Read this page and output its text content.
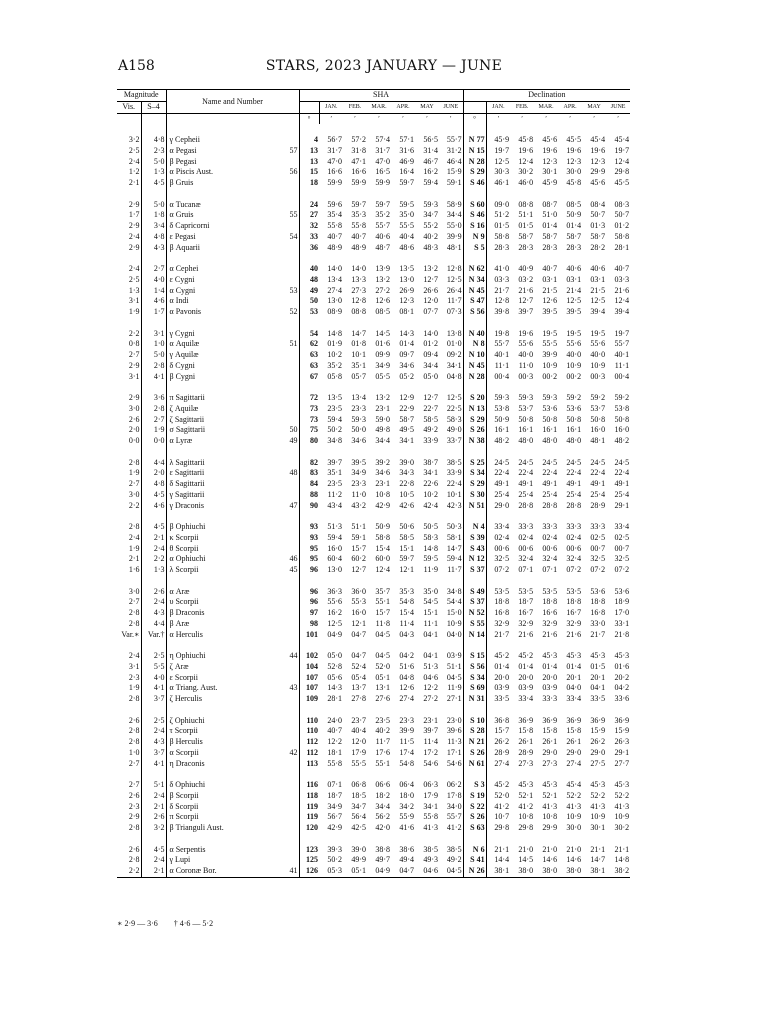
A158	STARS, 2023 JANUARY — JUNE
Magnitude		Name and Number		SHA							Declination						
Vis.	S–4				JAN.	FEB.	MAR.	APR.	MAY	JUNE		JAN.	FEB.	MAR.	APR.	MAY	JUNE
				°	′	′	′	′	′	′	°	′	′	′	′	′	′

3·2	4·8	γ Cepheii		4	56·7	57·2	57·4	57·1	56·5	55·7	N 77	45·9	45·8	45·6	45·5	45·4	45·4
2·5	2·3	α Pegasi	57	13	31·7	31·8	31·7	31·6	31·4	31·2	N 15	19·7	19·6	19·6	19·6	19·6	19·7
2·4	5·0	β Pegasi		13	47·0	47·1	47·0	46·9	46·7	46·4	N 28	12·5	12·4	12·3	12·3	12·3	12·4
1·2	1·3	α Piscis Aust.	56	15	16·6	16·6	16·5	16·4	16·2	15·9	S 29	30·3	30·2	30·1	30·0	29·9	29·8
2·1	4·5	β Gruis		18	59·9	59·9	59·9	59·7	59·4	59·1	S 46	46·1	46·0	45·9	45·8	45·6	45·5

2·9	5·0	α Tucanæ		24	59·6	59·7	59·7	59·5	59·3	58·9	S 60	09·0	08·8	08·7	08·5	08·4	08·3
1·7	1·8	α Gruis	55	27	35·4	35·3	35·2	35·0	34·7	34·4	S 46	51·2	51·1	51·0	50·9	50·7	50·7
2·9	3·4	δ Capricorni		32	55·8	55·8	55·7	55·5	55·2	55·0	S 16	01·5	01·5	01·4	01·4	01·3	01·2
2·4	4·8	ε Pegasi	54	33	40·7	40·7	40·6	40·4	40·2	39·9	N 9	58·8	58·7	58·7	58·7	58·7	58·8
2·9	4·3	β Aquarii		36	48·9	48·9	48·7	48·6	48·3	48·1	S 5	28·3	28·3	28·3	28·3	28·2	28·1

2·4	2·7	α Cephei		40	14·0	14·0	13·9	13·5	13·2	12·8	N 62	41·0	40·9	40·7	40·6	40·6	40·7
2·5	4·0	ε Cygni		48	13·4	13·3	13·2	13·0	12·7	12·5	N 34	03·3	03·2	03·1	03·1	03·1	03·3
1·3	1·4	α Cygni	53	49	27·4	27·3	27·2	26·9	26·6	26·4	N 45	21·7	21·6	21·5	21·4	21·5	21·6
3·1	4·6	α Indi		50	13·0	12·8	12·6	12·3	12·0	11·7	S 47	12·8	12·7	12·6	12·5	12·5	12·4
1·9	1·7	α Pavonis	52	53	08·9	08·8	08·5	08·1	07·7	07·3	S 56	39·8	39·7	39·5	39·5	39·4	39·4

2·2	3·1	γ Cygni		54	14·8	14·7	14·5	14·3	14·0	13·8	N 40	19·8	19·6	19·5	19·5	19·5	19·7
0·8	1·0	α Aquilæ	51	62	01·9	01·8	01·6	01·4	01·2	01·0	N 8	55·7	55·6	55·5	55·6	55·6	55·7
2·7	5·0	γ Aquilæ		63	10·2	10·1	09·9	09·7	09·4	09·2	N 10	40·1	40·0	39·9	40·0	40·0	40·1
2·9	2·8	δ Cygni		63	35·2	35·1	34·9	34·6	34·4	34·1	N 45	11·1	11·0	10·9	10·9	10·9	11·1
3·1	4·1	β Cygni		67	05·8	05·7	05·5	05·2	05·0	04·8	N 28	00·4	00·3	00·2	00·2	00·3	00·4

2·9	3·6	π Sagittarii		72	13·5	13·4	13·2	12·9	12·7	12·5	S 20	59·3	59·3	59·3	59·2	59·2	59·2
3·0	2·8	ζ Aquilæ		73	23·5	23·3	23·1	22·9	22·7	22·5	N 13	53·8	53·7	53·6	53·6	53·7	53·8
2·6	2·7	ζ Sagittarii		73	59·4	59·3	59·0	58·7	58·5	58·3	S 29	50·9	50·8	50·8	50·8	50·8	50·8
2·0	1·9	σ Sagittarii	50	75	50·2	50·0	49·8	49·5	49·2	49·0	S 26	16·1	16·1	16·1	16·1	16·0	16·0
0·0	0·0	α Lyræ	49	80	34·8	34·6	34·4	34·1	33·9	33·7	N 38	48·2	48·0	48·0	48·0	48·1	48·2

2·8	4·4	λ Sagittarii		82	39·7	39·5	39·2	39·0	38·7	38·5	S 25	24·5	24·5	24·5	24·5	24·5	24·5
1·9	2·0	ε Sagittarii	48	83	35·1	34·9	34·6	34·3	34·1	33·9	S 34	22·4	22·4	22·4	22·4	22·4	22·4
2·7	4·8	δ Sagittarii		84	23·5	23·3	23·1	22·8	22·6	22·4	S 29	49·1	49·1	49·1	49·1	49·1	49·1
3·0	4·5	γ Sagittarii		88	11·2	11·0	10·8	10·5	10·2	10·1	S 30	25·4	25·4	25·4	25·4	25·4	25·4
2·2	4·6	γ Draconis	47	90	43·4	43·2	42·9	42·6	42·4	42·3	N 51	29·0	28·8	28·8	28·8	28·9	29·1

2·8	4·5	β Ophiuchi		93	51·3	51·1	50·9	50·6	50·5	50·3	N 4	33·4	33·3	33·3	33·3	33·3	33·4
2·4	2·1	κ Scorpii		93	59·4	59·1	58·8	58·5	58·3	58·1	S 39	02·4	02·4	02·4	02·4	02·5	02·5
1·9	2·4	θ Scorpii		95	16·0	15·7	15·4	15·1	14·8	14·7	S 43	00·6	00·6	00·6	00·6	00·7	00·7
2·1	2·2	α Ophiuchi	46	95	60·4	60·2	60·0	59·7	59·5	59·4	N 12	32·5	32·4	32·4	32·4	32·5	32·5
1·6	1·3	λ Scorpii	45	96	13·0	12·7	12·4	12·1	11·9	11·7	S 37	07·2	07·1	07·1	07·2	07·2	07·2

3·0	2·6	α Aræ		96	36·3	36·0	35·7	35·3	35·0	34·8	S 49	53·5	53·5	53·5	53·5	53·6	53·6
2·7	2·4	υ Scorpii		96	55·6	55·3	55·1	54·8	54·5	54·4	S 37	18·8	18·7	18·8	18·8	18·8	18·9
2·8	4·3	β Draconis		97	16·2	16·0	15·7	15·4	15·1	15·0	N 52	16·8	16·7	16·6	16·7	16·8	17·0
2·8	4·4	β Aræ		98	12·5	12·1	11·8	11·4	11·1	10·9	S 55	32·9	32·9	32·9	32·9	33·0	33·1
Var.∗	Var.†	α Herculis		101	04·9	04·7	04·5	04·3	04·1	04·0	N 14	21·7	21·6	21·6	21·6	21·7	21·8

2·4	2·5	η Ophiuchi	44	102	05·0	04·7	04·5	04·2	04·1	03·9	S 15	45·2	45·2	45·3	45·3	45·3	45·3
3·1	5·5	ζ Aræ		104	52·8	52·4	52·0	51·6	51·3	51·1	S 56	01·4	01·4	01·4	01·4	01·5	01·6
2·3	4·0	ε Scorpii		107	05·6	05·4	05·1	04·8	04·6	04·5	S 34	20·0	20·0	20·0	20·1	20·1	20·2
1·9	4·1	α Triang. Aust.	43	107	14·3	13·7	13·1	12·6	12·2	11·9	S 69	03·9	03·9	03·9	04·0	04·1	04·2
2·8	3·7	ζ Herculis		109	28·1	27·8	27·6	27·4	27·2	27·1	N 31	33·5	33·4	33·3	33·4	33·5	33·6

2·6	2·5	ζ Ophiuchi		110	24·0	23·7	23·5	23·3	23·1	23·0	S 10	36·8	36·9	36·9	36·9	36·9	36·9
2·8	2·4	τ Scorpii		110	40·7	40·4	40·2	39·9	39·7	39·6	S 28	15·7	15·8	15·8	15·8	15·9	15·9
2·8	4·3	β Herculis		112	12·2	12·0	11·7	11·5	11·4	11·3	N 21	26·2	26·1	26·1	26·1	26·2	26·3
1·0	3·7	α Scorpii	42	112	18·1	17·9	17·6	17·4	17·2	17·1	S 26	28·9	28·9	29·0	29·0	29·0	29·1
2·7	4·1	η Draconis		113	55·8	55·5	55·1	54·8	54·6	54·6	N 61	27·4	27·3	27·3	27·4	27·5	27·7

2·7	5·1	δ Ophiuchi		116	07·1	06·8	06·6	06·4	06·3	06·2	S 3	45·2	45·3	45·3	45·4	45·3	45·3
2·6	2·4	β Scorpii		118	18·7	18·5	18·2	18·0	17·9	17·8	S 19	52·0	52·1	52·1	52·2	52·2	52·2
2·3	2·1	δ Scorpii		119	34·9	34·7	34·4	34·2	34·1	34·0	S 22	41·2	41·2	41·3	41·3	41·3	41·3
2·9	2·6	π Scorpii		119	56·7	56·4	56·2	55·9	55·8	55·7	S 26	10·7	10·8	10·8	10·9	10·9	10·9
2·8	3·2	β Trianguli Aust.		120	42·9	42·5	42·0	41·6	41·3	41·2	S 63	29·8	29·8	29·9	30·0	30·1	30·2

2·6	4·5	α Serpentis		123	39·3	39·0	38·8	38·6	38·5	38·5	N 6	21·1	21·0	21·0	21·0	21·1	21·1
2·8	2·4	γ Lupi		125	50·2	49·9	49·7	49·4	49·3	49·2	S 41	14·4	14·5	14·6	14·6	14·7	14·8
2·2	2·1	α Coronæ Bor.	41	126	05·3	05·1	04·9	04·7	04·6	04·5	N 26	38·1	38·0	38·0	38·0	38·1	38·2
∗ 2·9 — 3·6 † 4·6 — 5·2
